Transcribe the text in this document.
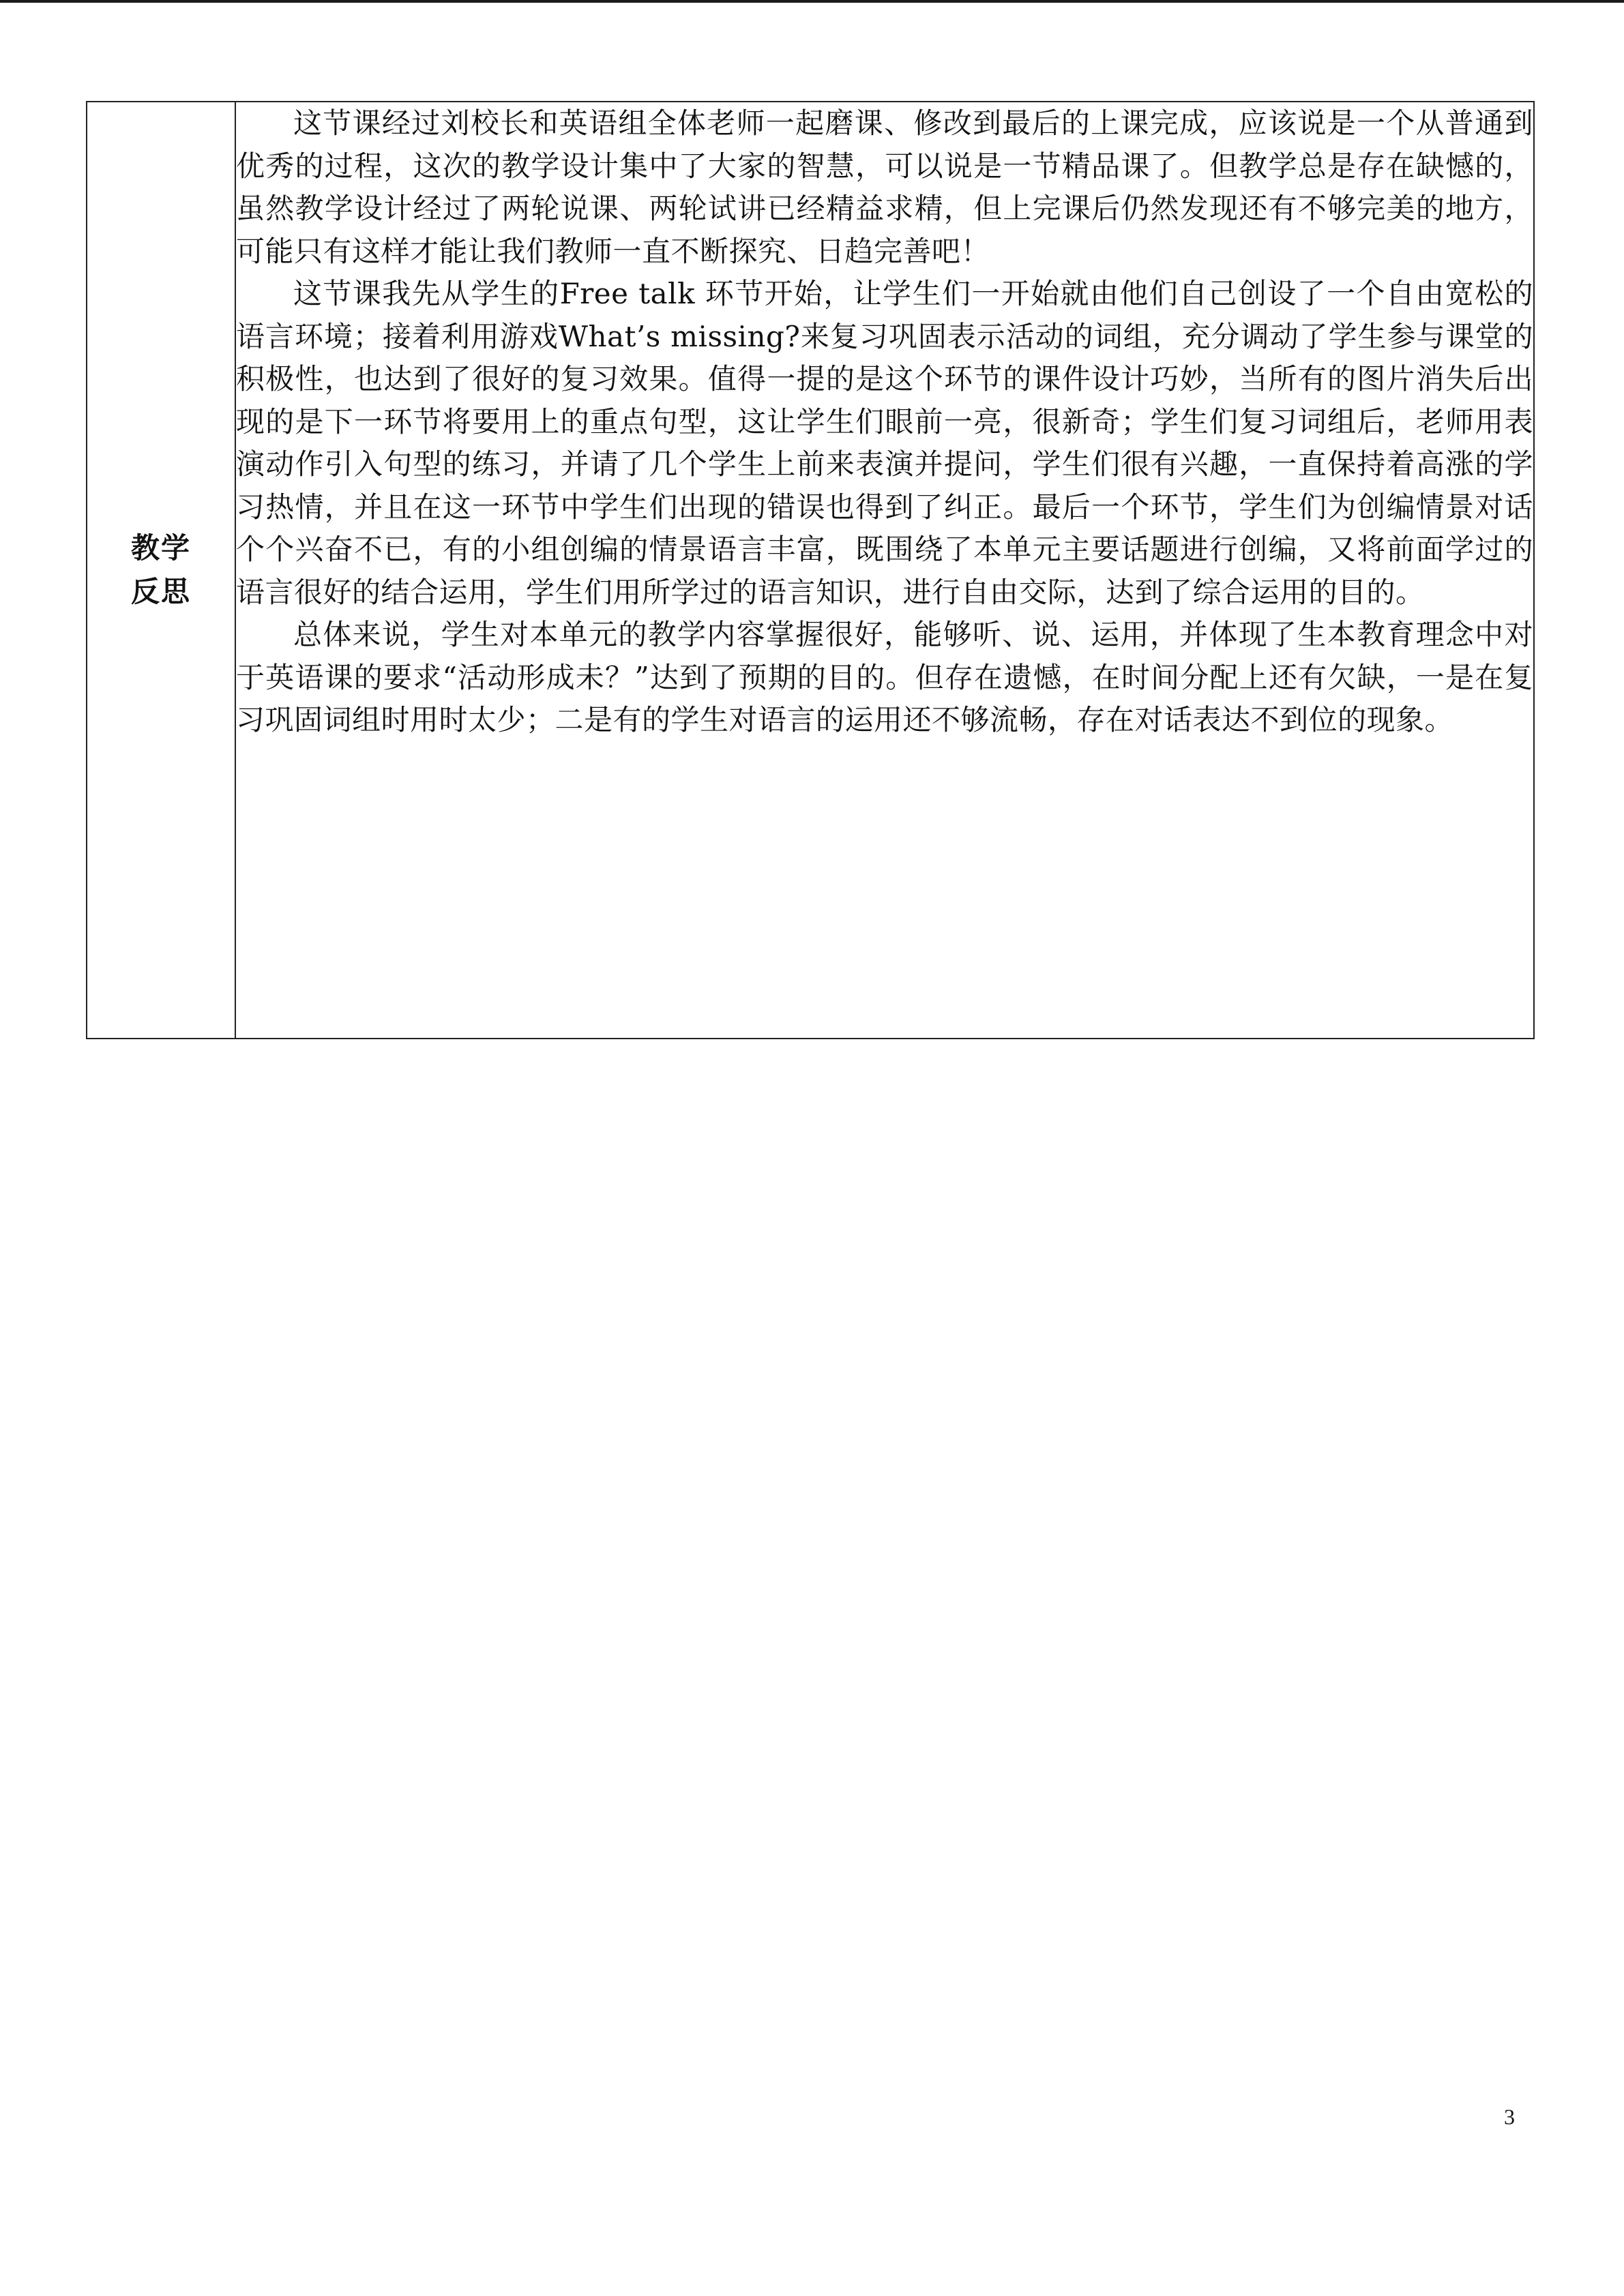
教学
反思

这节课经过刘校长和英语组全体老师一起磨课、修改到最后的上课完成，应该说是一个从普通到优秀的过程，这次的教学设计集中了大家的智慧，可以说是一节精品课了。但教学总是存在缺憾的，虽然教学设计经过了两轮说课、两轮试讲已经精益求精，但上完课后仍然发现还有不够完美的地方，可能只有这样才能让我们教师一直不断探究、日趋完善吧！

这节课我先从学生的Free talk 环节开始，让学生们一开始就由他们自己创设了一个自由宽松的语言环境；接着利用游戏What’s missing?来复习巩固表示活动的词组，充分调动了学生参与课堂的积极性，也达到了很好的复习效果。值得一提的是这个环节的课件设计巧妙，当所有的图片消失后出现的是下一环节将要用上的重点句型，这让学生们眼前一亮，很新奇；学生们复习词组后，老师用表演动作引入句型的练习，并请了几个学生上前来表演并提问，学生们很有兴趣，一直保持着高涨的学习热情，并且在这一环节中学生们出现的错误也得到了纠正。最后一个环节，学生们为创编情景对话个个兴奋不已，有的小组创编的情景语言丰富，既围绕了本单元主要话题进行创编，又将前面学过的语言很好的结合运用，学生们用所学过的语言知识，进行自由交际，达到了综合运用的目的。

总体来说，学生对本单元的教学内容掌握很好，能够听、说、运用，并体现了生本教育理念中对于英语课的要求“活动形成未？”达到了预期的目的。但存在遗憾，在时间分配上还有欠缺，一是在复习巩固词组时用时太少；二是有的学生对语言的运用还不够流畅，存在对话表达不到位的现象。

3
